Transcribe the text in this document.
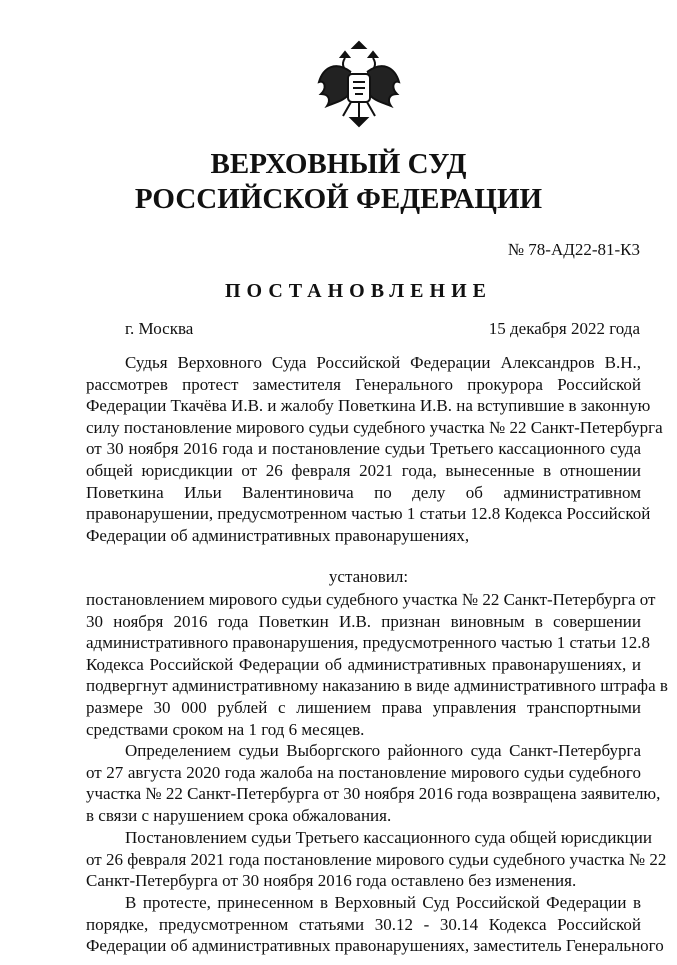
ВЕРХОВНЫЙ СУД
РОССИЙСКОЙ ФЕДЕРАЦИИ
№ 78-АД22-81-К3
ПОСТАНОВЛЕНИЕ
г. Москва	15 декабря 2022 года
установил:
Судья Верховного Суда Российской Федерации Александров В.Н.,
рассмотрев протест заместителя Генерального прокурора Российской
Федерации Ткачёва И.В. и жалобу Поветкина И.В. на вступившие в законную
силу постановление мирового судьи судебного участка № 22 Санкт-Петербурга
от 30 ноября 2016 года и постановление судьи Третьего кассационного суда
общей юрисдикции от 26 февраля 2021 года, вынесенные в отношении
Поветкина Ильи Валентиновича по делу об административном
правонарушении, предусмотренном частью 1 статьи 12.8 Кодекса Российской
Федерации об административных правонарушениях,
постановлением мирового судьи судебного участка № 22 Санкт-Петербурга от
30 ноября 2016 года Поветкин И.В. признан виновным в совершении
административного правонарушения, предусмотренного частью 1 статьи 12.8
Кодекса Российской Федерации об административных правонарушениях, и
подвергнут административному наказанию в виде административного штрафа в
размере 30 000 рублей с лишением права управления транспортными
средствами сроком на 1 год 6 месяцев.
Определением судьи Выборгского районного суда Санкт-Петербурга
от 27 августа 2020 года жалоба на постановление мирового судьи судебного
участка № 22 Санкт-Петербурга от 30 ноября 2016 года возвращена заявителю,
в связи с нарушением срока обжалования.
Постановлением судьи Третьего кассационного суда общей юрисдикции
от 26 февраля 2021 года постановление мирового судьи судебного участка № 22
Санкт-Петербурга от 30 ноября 2016 года оставлено без изменения.
В протесте, принесенном в Верховный Суд Российской Федерации в
порядке, предусмотренном статьями 30.12 - 30.14 Кодекса Российской
Федерации об административных правонарушениях, заместитель Генерального
